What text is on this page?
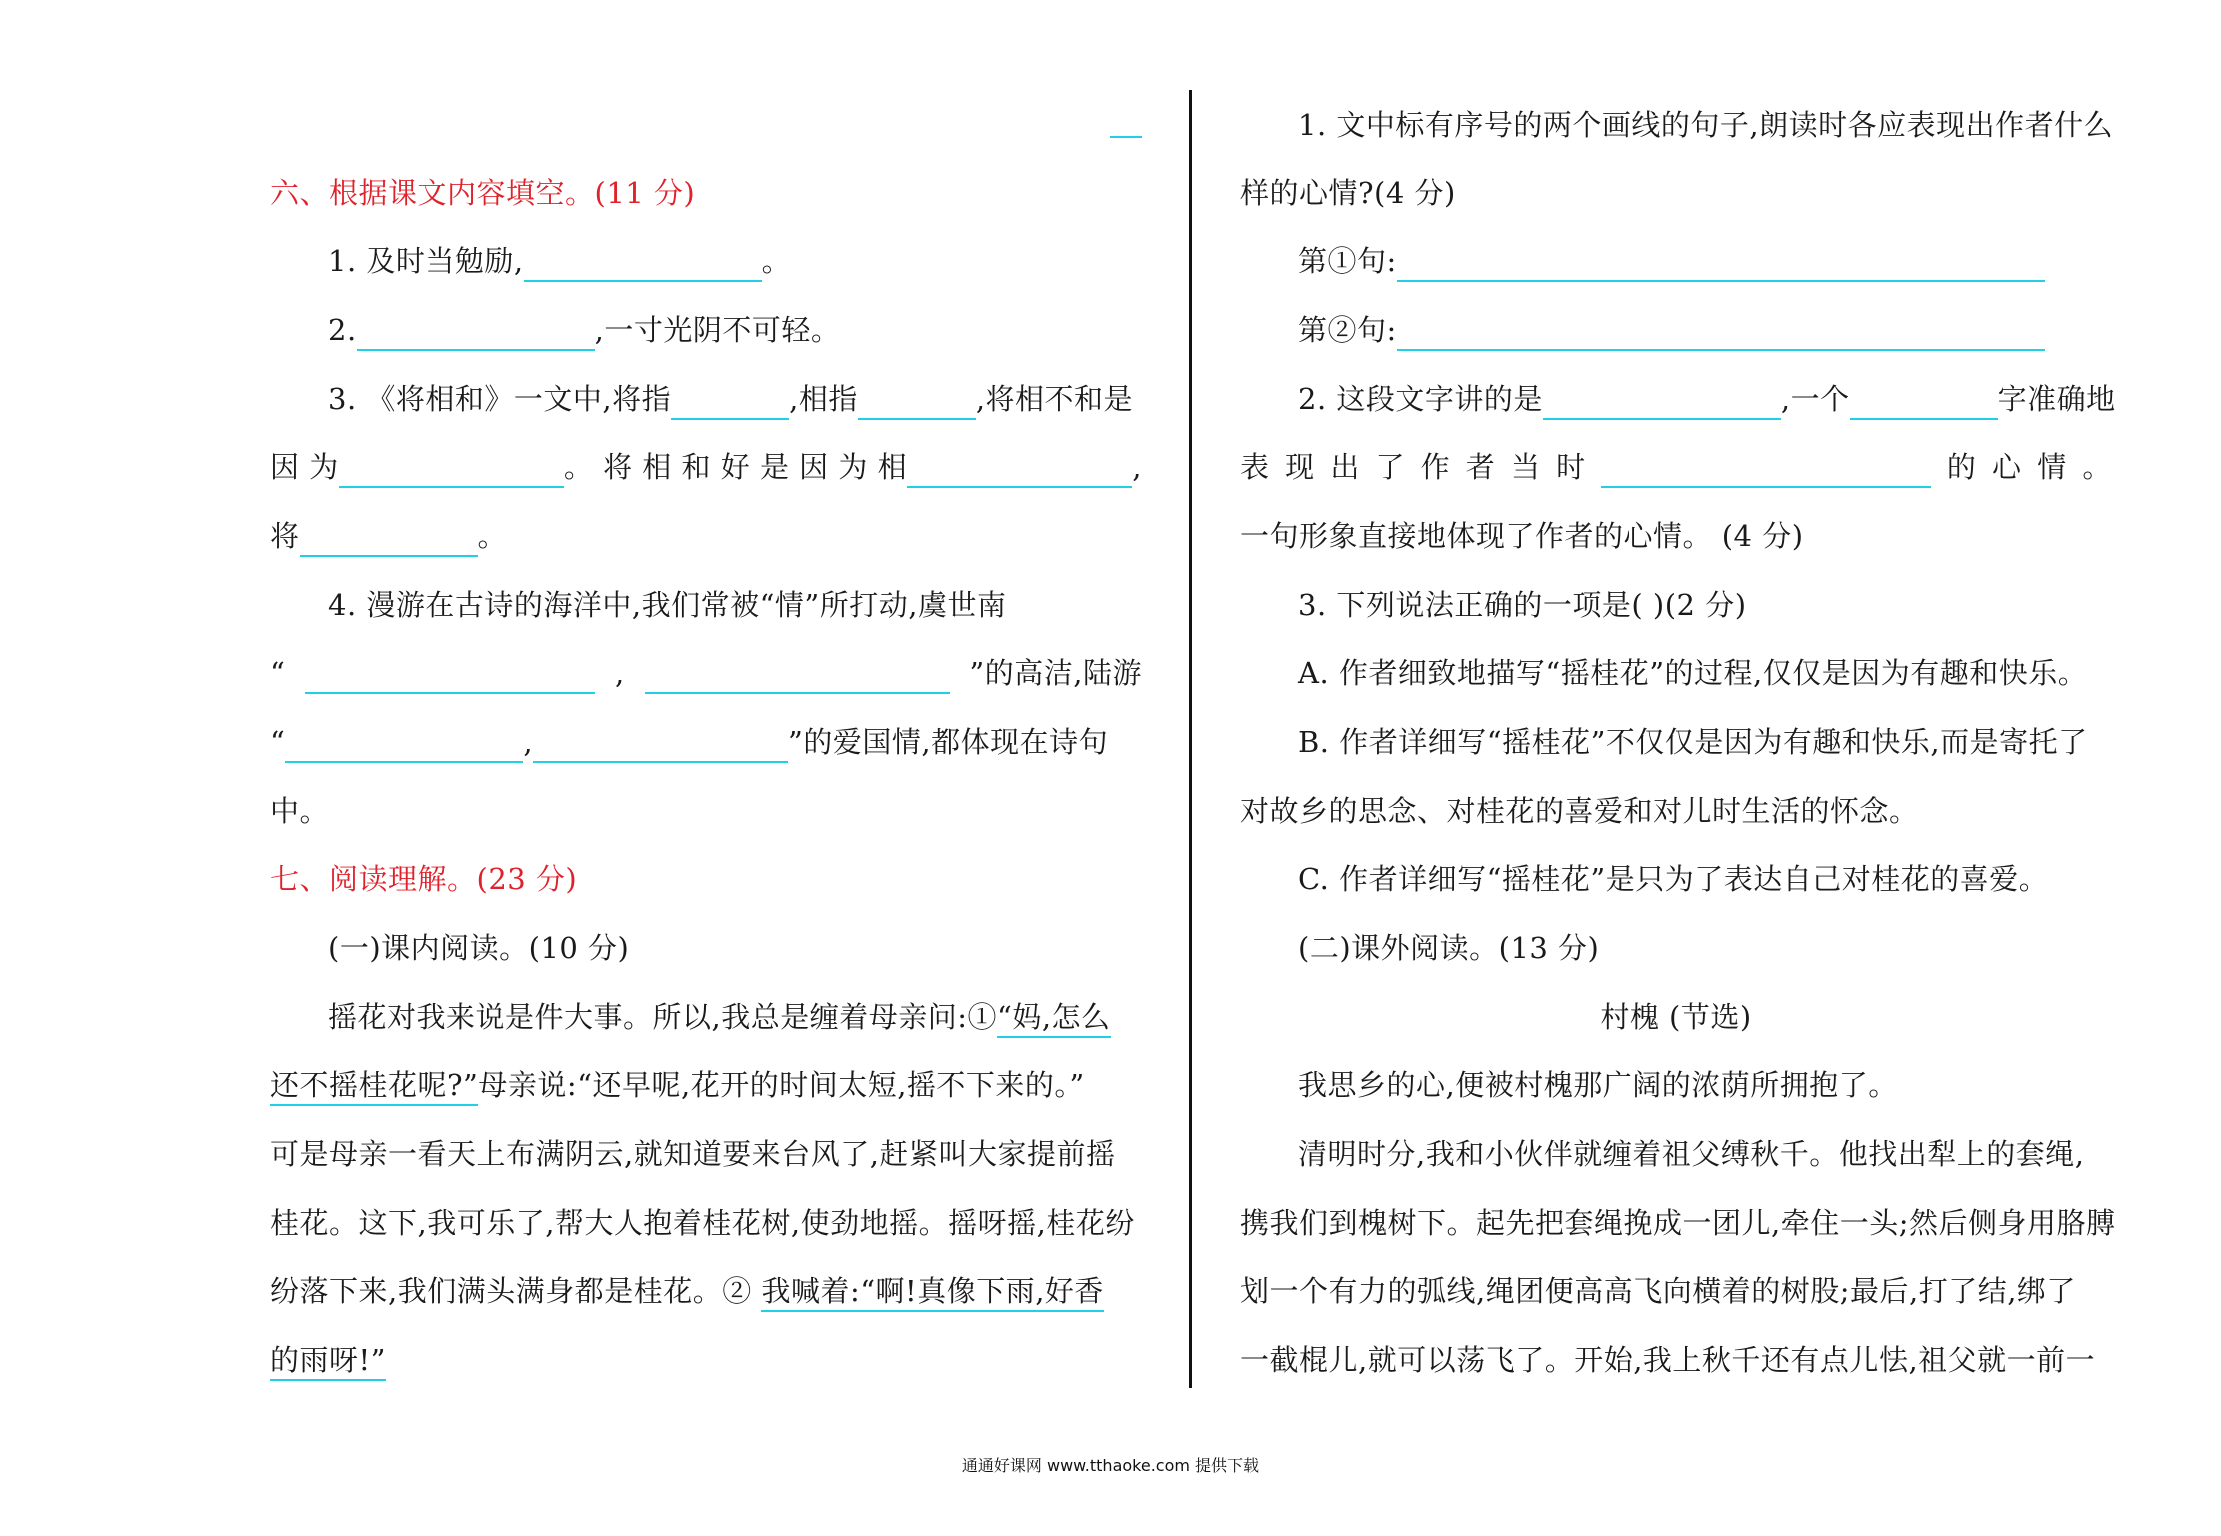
六、根据课文内容填空。(11 分)
1. 及时当勉励,	。
2.	,一寸光阴不可轻。
3. 《将相和》一文中,将指	,相指	,将相不和是
因 为	。 将 相 和 好 是 因 为 相	,
将	。
4. 漫游在古诗的海洋中,我们常被“情”所打动,虞世南
“	,	”的高洁,陆游
“	,	”的爱国情,都体现在诗句
中。
七、阅读理解。(23 分)
(一)课内阅读。(10 分)
摇花对我来说是件大事。所以,我总是缠着母亲问:①“妈,怎么
还不摇桂花呢?”母亲说:“还早呢,花开的时间太短,摇不下来的。”
可是母亲一看天上布满阴云,就知道要来台风了,赶紧叫大家提前摇
桂花。这下,我可乐了,帮大人抱着桂花树,使劲地摇。摇呀摇,桂花纷
纷落下来,我们满头满身都是桂花。② 我喊着:“啊!真像下雨,好香
的雨呀!”
1. 文中标有序号的两个画线的句子,朗读时各应表现出作者什么
样的心情?(4 分)
第①句:
第②句:
2. 这段文字讲的是	,一个	字准确地
表 现 出 了 作 者 当 时	的 心 情 。
一句形象直接地体现了作者的心情。 (4 分)
3. 下列说法正确的一项是( )(2 分)
A. 作者细致地描写“摇桂花”的过程,仅仅是因为有趣和快乐。
B. 作者详细写“摇桂花”不仅仅是因为有趣和快乐,而是寄托了
对故乡的思念、对桂花的喜爱和对儿时生活的怀念。
C. 作者详细写“摇桂花”是只为了表达自己对桂花的喜爱。
(二)课外阅读。(13 分)
村槐 (节选)
我思乡的心,便被村槐那广阔的浓荫所拥抱了。
清明时分,我和小伙伴就缠着祖父缚秋千。他找出犁上的套绳,
携我们到槐树下。起先把套绳挽成一团儿,牵住一头;然后侧身用胳膊
划一个有力的弧线,绳团便高高飞向横着的树股;最后,打了结,绑了
一截棍儿,就可以荡飞了。开始,我上秋千还有点儿怯,祖父就一前一
通通好课网 www.tthaoke.com 提供下载
